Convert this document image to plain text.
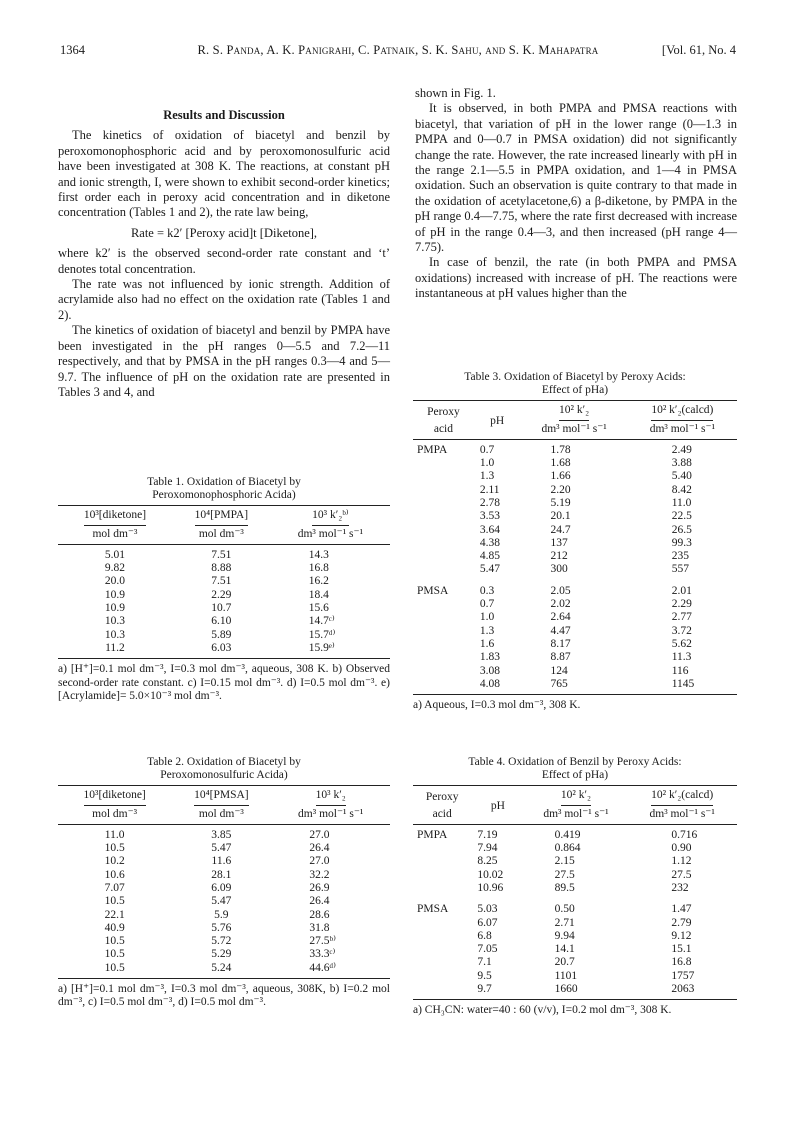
1364	R. S. Panda, A. K. Panigrahi, C. Patnaik, S. K. Sahu, and S. K. Mahapatra	[Vol. 61, No. 4
Results and Discussion

The kinetics of oxidation of biacetyl and benzil by peroxomonophosphoric acid and by peroxomonosulfuric acid have been investigated at 308 K. The reactions, at constant pH and ionic strength, I, were shown to exhibit second-order kinetics; first order each in peroxy acid concentration and in diketone concentration (Tables 1 and 2), the rate law being,

Rate = k2′ [Peroxy acid]t [Diketone],

where k2′ is the observed second-order rate constant and ‘t’ denotes total concentration.

The rate was not influenced by ionic strength. Addition of acrylamide also had no effect on the oxidation rate (Tables 1 and 2).

The kinetics of oxidation of biacetyl and benzil by PMPA have been investigated in the pH ranges 0—5.5 and 7.2—11 respectively, and that by PMSA in the pH ranges 0.3—4 and 5—9.7. The influence of pH on the oxidation rate are presented in Tables 3 and 4, and

shown in Fig. 1.

It is observed, in both PMPA and PMSA reactions with biacetyl, that variation of pH in the lower range (0—1.3 in PMPA and 0—0.7 in PMSA oxidation) did not significantly change the rate. However, the rate increased linearly with pH in the range 2.1—5.5 in PMPA oxidation, and 1—4 in PMSA oxidation. Such an observation is quite contrary to that made in the oxidation of acetylacetone,6) a β-diketone, by PMPA in the pH range 0.4—7.75, where the rate first decreased with increase of pH in the range 0.4—3, and then increased (pH range 4—7.75).

In case of benzil, the rate (in both PMPA and PMSA oxidations) increased with increase of pH. The reactions were instantaneous at pH values higher than the

Table 1. Oxidation of Biacetyl by
Peroxomonophosphoric Acida)
10³[diketone]	10⁴[PMPA]	10³ k′₂ᵇ⁾
mol dm⁻³	mol dm⁻³	dm³ mol⁻¹ s⁻¹
5.01	7.51	14.3
9.82	8.88	16.8
20.0	7.51	16.2
10.9	2.29	18.4
10.9	10.7	15.6
10.3	6.10	14.7ᶜ⁾
10.3	5.89	15.7ᵈ⁾
11.2	6.03	15.9ᵉ⁾
a) [H⁺]=0.1 mol dm⁻³, I=0.3 mol dm⁻³, aqueous, 308 K. b) Observed second-order rate constant. c) I=0.15 mol dm⁻³. d) I=0.5 mol dm⁻³. e) [Acrylamide]= 5.0×10⁻³ mol dm⁻³.
Table 2. Oxidation of Biacetyl by
Peroxomonosulfuric Acida)
10³[diketone]	10⁴[PMSA]	10³ k′₂
mol dm⁻³	mol dm⁻³	dm³ mol⁻¹ s⁻¹
11.0	3.85	27.0
10.5	5.47	26.4
10.2	11.6	27.0
10.6	28.1	32.2
7.07	6.09	26.9
10.5	5.47	26.4
22.1	5.9	28.6
40.9	5.76	31.8
10.5	5.72	27.5ᵇ⁾
10.5	5.29	33.3ᶜ⁾
10.5	5.24	44.6ᵈ⁾
a) [H⁺]=0.1 mol dm⁻³, I=0.3 mol dm⁻³, aqueous, 308K, b) I=0.2 mol dm⁻³, c) I=0.5 mol dm⁻³, d) I=0.5 mol dm⁻³.
Table 3. Oxidation of Biacetyl by Peroxy Acids:
Effect of pHa)
Peroxy	pH	10² k′₂	10² k′₂(calcd)
acid		dm³ mol⁻¹ s⁻¹	dm³ mol⁻¹ s⁻¹
PMPA	0.7	1.78	2.49
	1.0	1.68	3.88
	1.3	1.66	5.40
	2.11	2.20	8.42
	2.78	5.19	11.0
	3.53	20.1	22.5
	3.64	24.7	26.5
	4.38	137	99.3
	4.85	212	235
	5.47	300	557

PMSA	0.3	2.05	2.01
	0.7	2.02	2.29
	1.0	2.64	2.77
	1.3	4.47	3.72
	1.6	8.17	5.62
	1.83	8.87	11.3
	3.08	124	116
	4.08	765	1145
a) Aqueous, I=0.3 mol dm⁻³, 308 K.
Table 4. Oxidation of Benzil by Peroxy Acids:
Effect of pHa)
Peroxy	pH	10² k′₂	10² k′₂(calcd)
acid		dm³ mol⁻¹ s⁻¹	dm³ mol⁻¹ s⁻¹
PMPA	7.19	0.419	0.716
	7.94	0.864	0.90
	8.25	2.15	1.12
	10.02	27.5	27.5
	10.96	89.5	232

PMSA	5.03	0.50	1.47
	6.07	2.71	2.79
	6.8	9.94	9.12
	7.05	14.1	15.1
	7.1	20.7	16.8
	9.5	1101	1757
	9.7	1660	2063
a) CH₃CN: water=40 : 60 (v/v), I=0.2 mol dm⁻³, 308 K.
